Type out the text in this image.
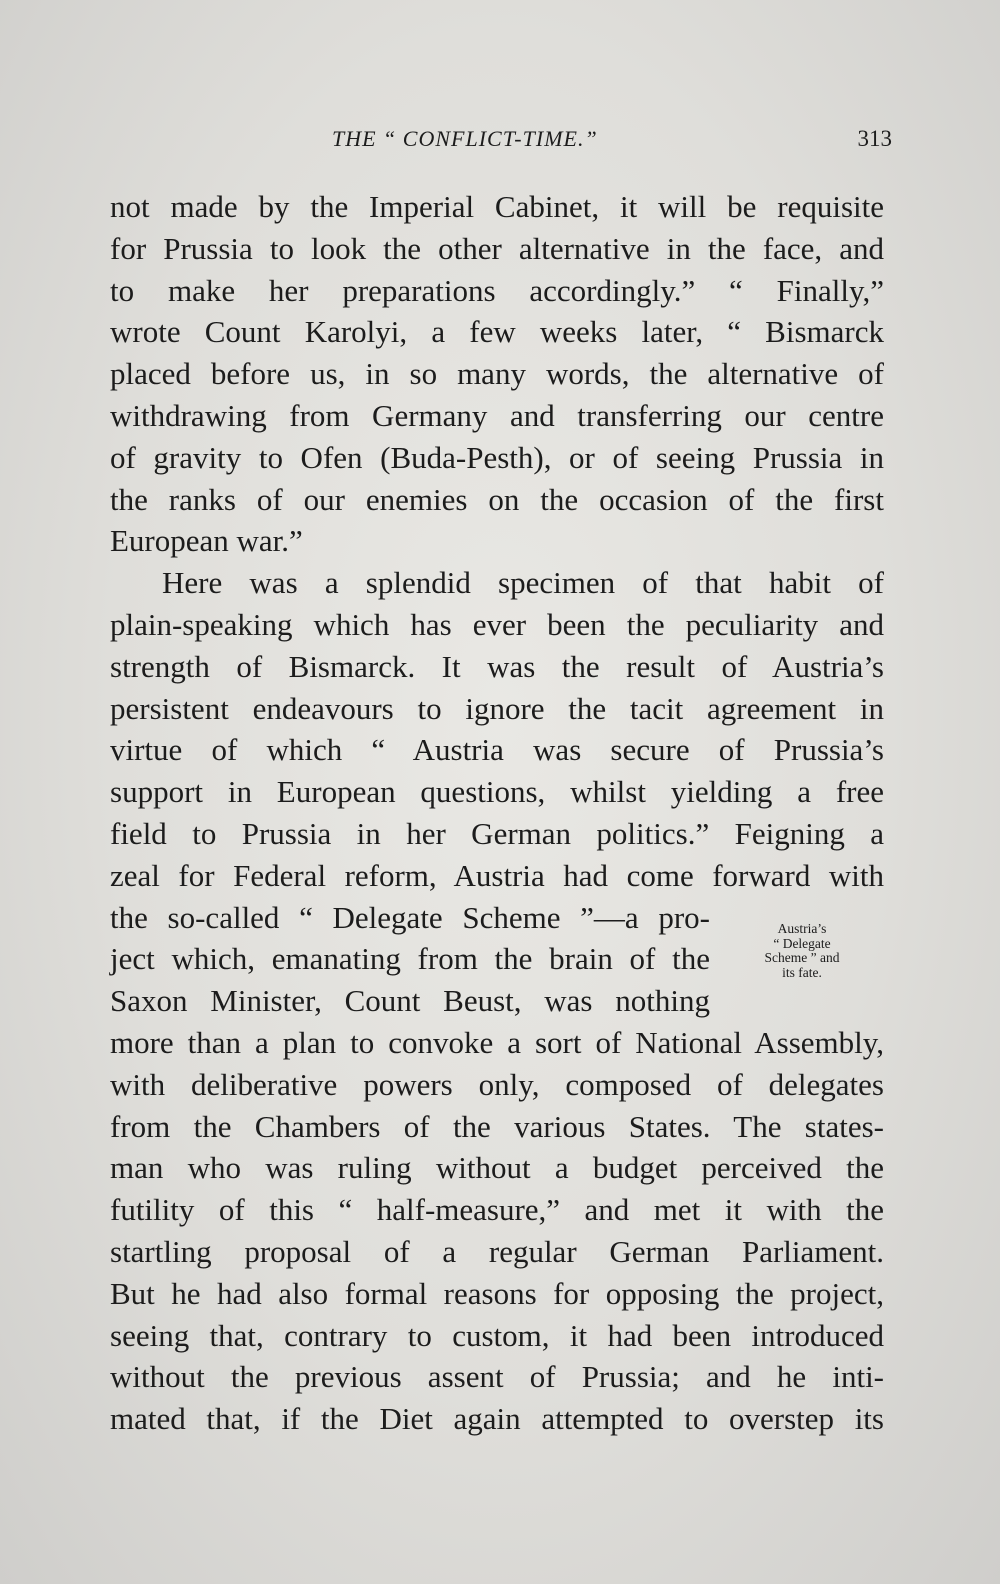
THE “ CONFLICT-TIME.”	313
not made by the Imperial Cabinet, it will be requisite
for Prussia to look the other alternative in the face, and
to make her preparations accordingly.” “ Finally,”
wrote Count Karolyi, a few weeks later, “ Bismarck
placed before us, in so many words, the alternative of
withdrawing from Germany and transferring our centre
of gravity to Ofen (Buda-Pesth), or of seeing Prussia in
the ranks of our enemies on the occasion of the first
European war.”
Here was a splendid specimen of that habit of
plain-speaking which has ever been the peculiarity and
strength of Bismarck. It was the result of Austria’s
persistent endeavours to ignore the tacit agreement in
virtue of which “ Austria was secure of Prussia’s
support in European questions, whilst yielding a free
field to Prussia in her German politics.” Feigning a
zeal for Federal reform, Austria had come forward with
the so-called “ Delegate Scheme ”—a pro-
ject which, emanating from the brain of the
Saxon Minister, Count Beust, was nothing
more than a plan to convoke a sort of National Assembly,
with deliberative powers only, composed of delegates
from the Chambers of the various States. The states-
man who was ruling without a budget perceived the
futility of this “ half-measure,” and met it with the
startling proposal of a regular German Parliament.
But he had also formal reasons for opposing the project,
seeing that, contrary to custom, it had been introduced
without the previous assent of Prussia; and he inti-
mated that, if the Diet again attempted to overstep its
Austria’s
“ Delegate
Scheme ” and
its fate.
